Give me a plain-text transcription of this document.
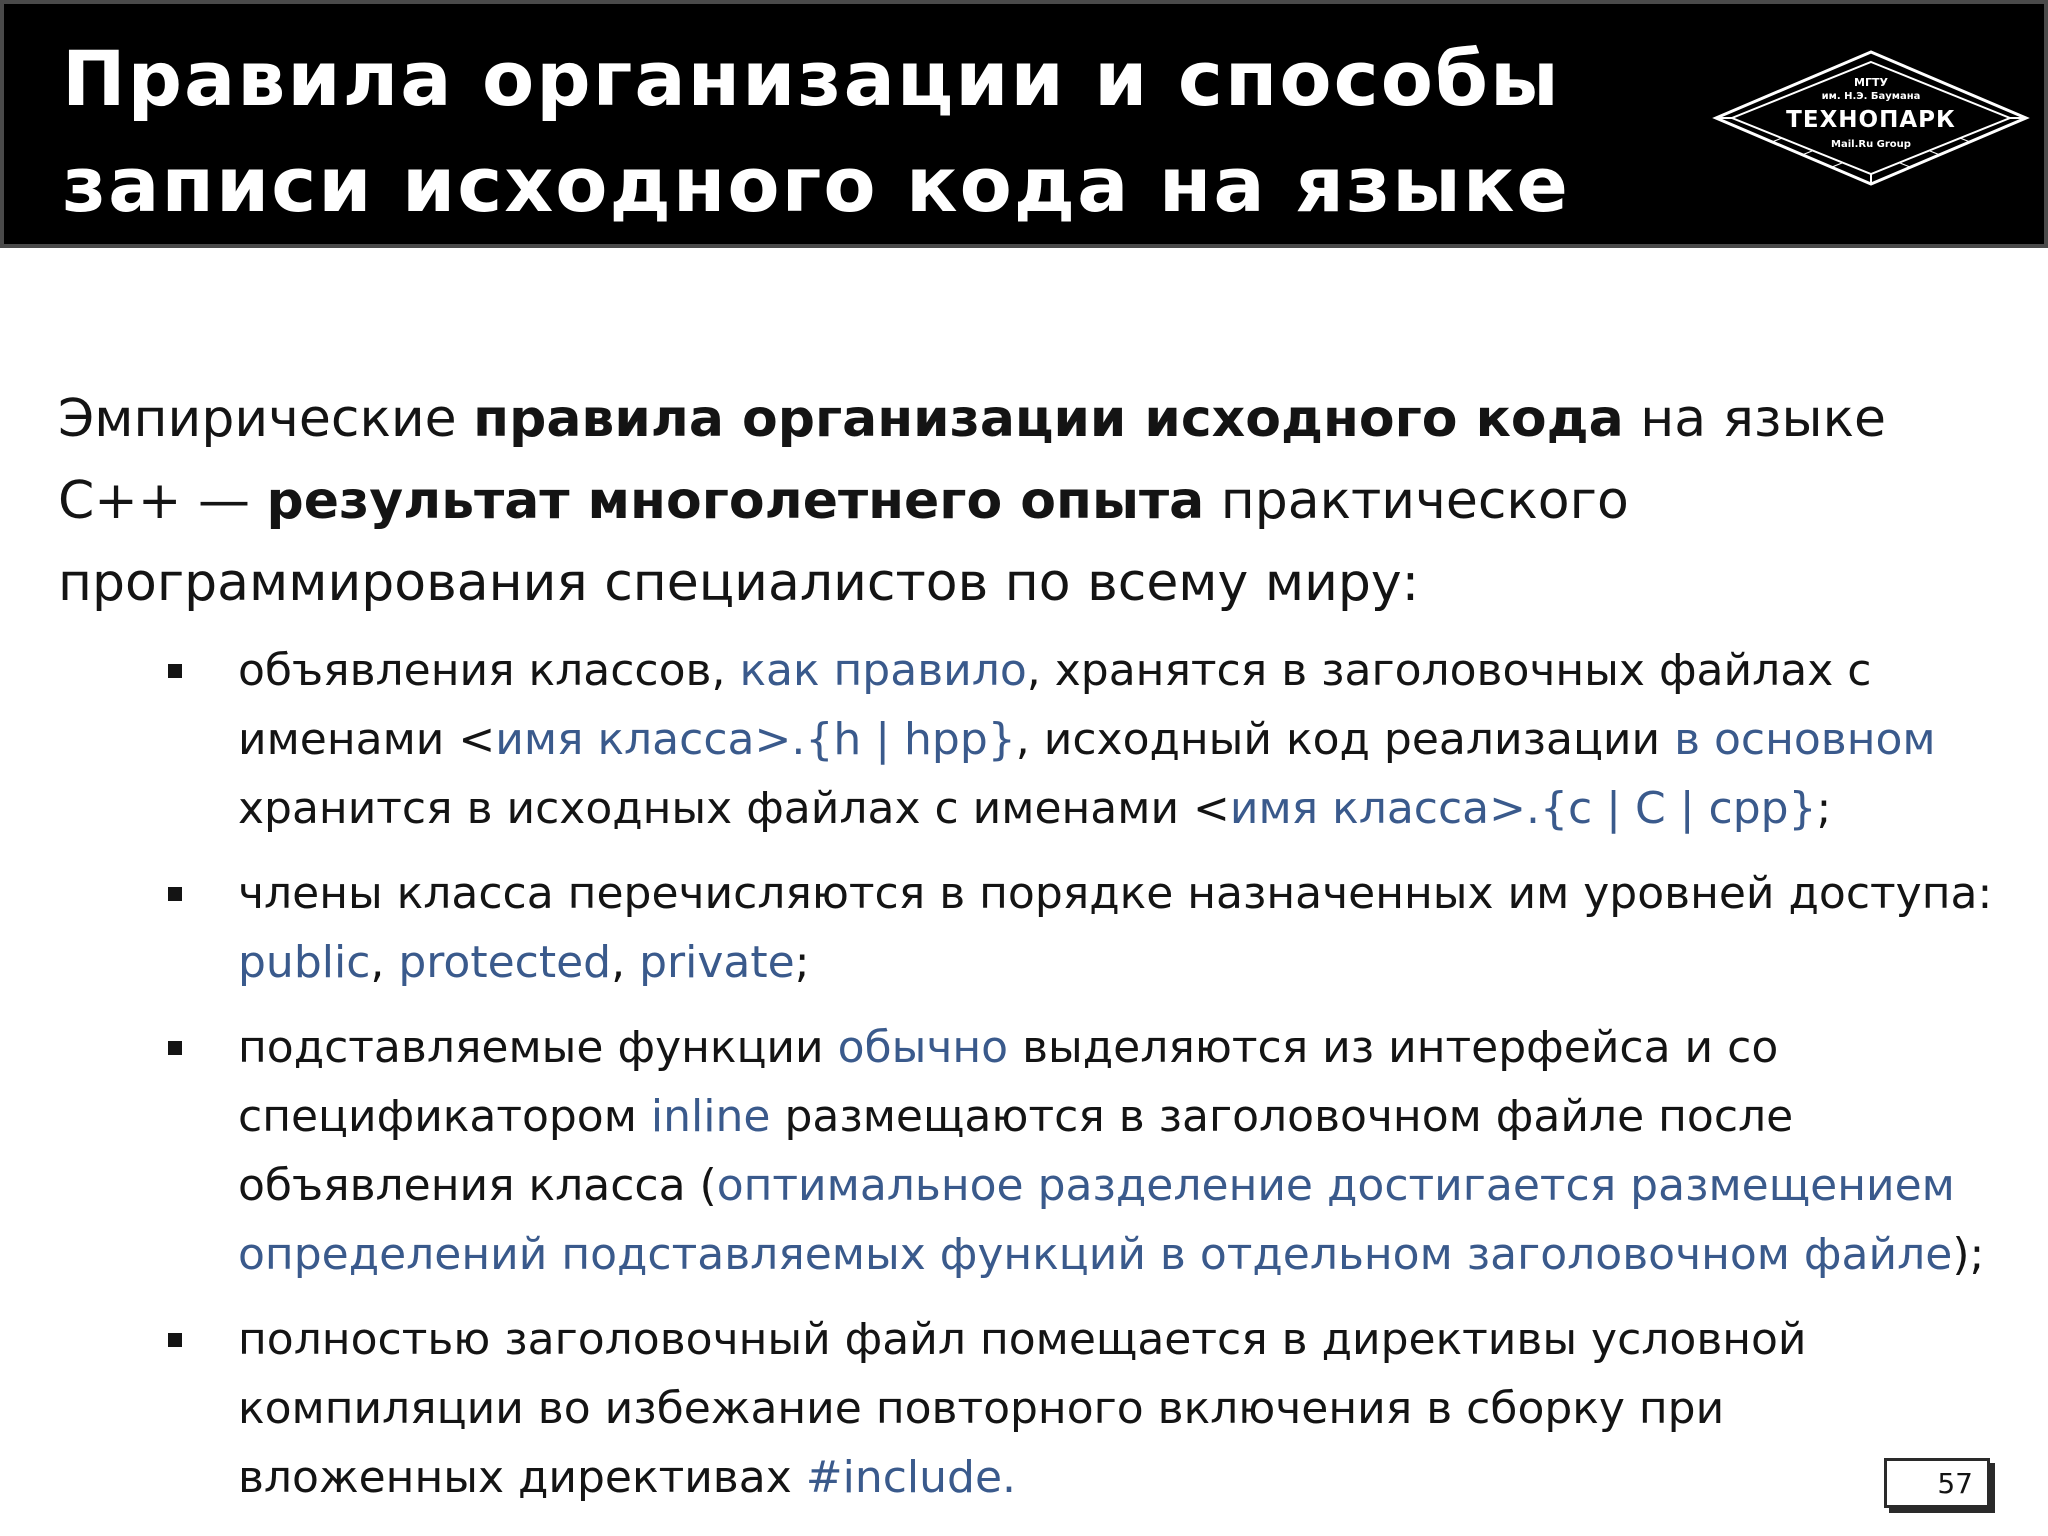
Правила организации и способы записи исходного кода на языке C++
МГТУ
им. Н.Э. Баумана
ТЕХНОПАРК
Mail.Ru Group

Эмпирические правила организации исходного кода на языке C++ — результат многолетнего опыта практического программирования специалистов по всему миру:

объявления классов, как правило, хранятся в заголовочных файлах с именами <имя класса>.{h | hpp}, исходный код реализации в основном хранится в исходных файлах с именами <имя класса>.{c | C | cpp};
члены класса перечисляются в порядке назначенных им уровней доступа: public, protected, private;
подставляемые функции обычно выделяются из интерфейса и со спецификатором inline размещаются в заголовочном файле после объявления класса (оптимальное разделение достигается размещением определений подставляемых функций в отдельном заголовочном файле);
полностью заголовочный файл помещается в директивы условной компиляции во избежание повторного включения в сборку при вложенных директивах #include.	57
